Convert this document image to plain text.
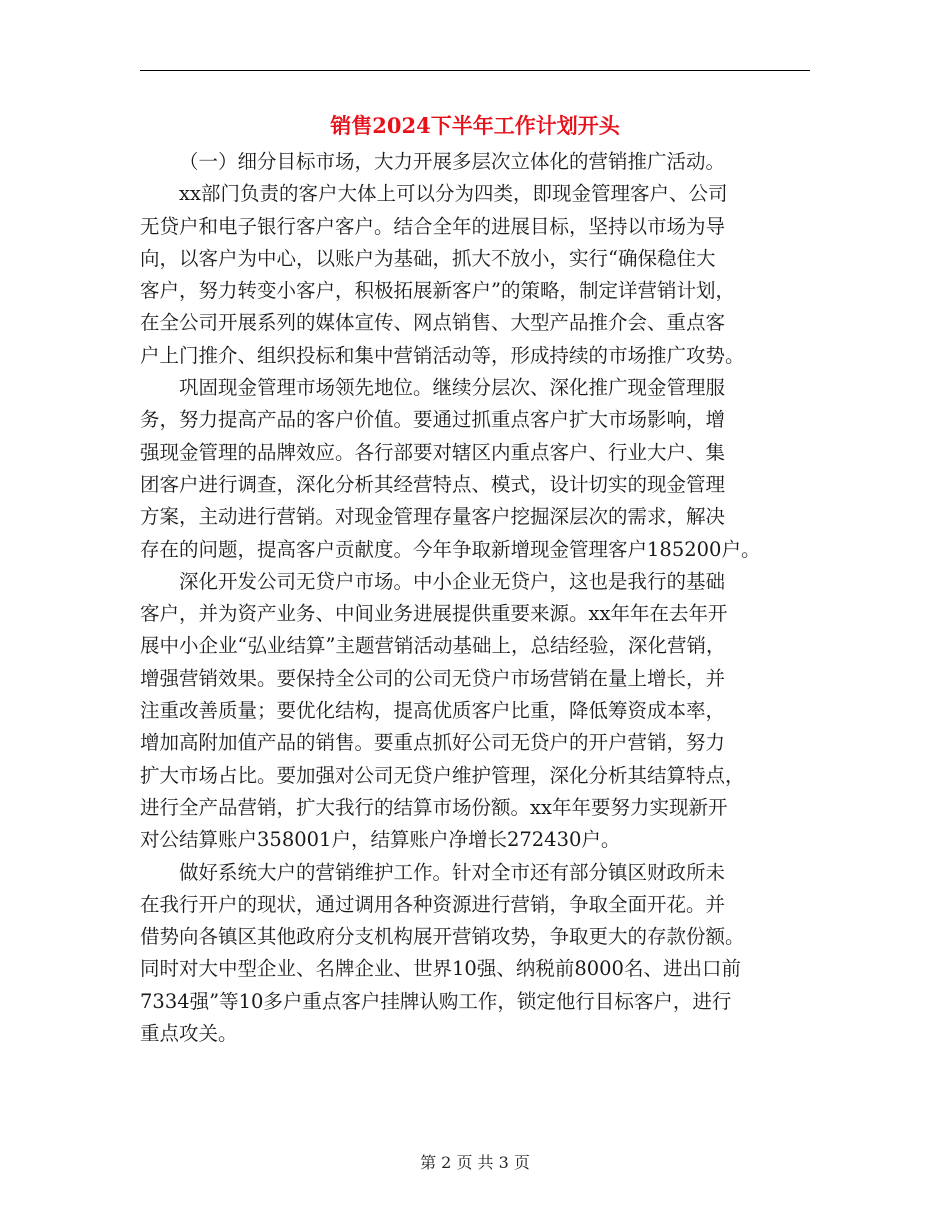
销售2024下半年工作计划开头
（一）细分目标市场，大力开展多层次立体化的营销推广活动。
xx部门负责的客户大体上可以分为四类，即现金管理客户、公司
无贷户和电子银行客户客户。结合全年的进展目标，坚持以市场为导
向，以客户为中心，以账户为基础，抓大不放小，实行“确保稳住大
客户，努力转变小客户，积极拓展新客户”的策略，制定详营销计划，
在全公司开展系列的媒体宣传、网点销售、大型产品推介会、重点客
户上门推介、组织投标和集中营销活动等，形成持续的市场推广攻势。
巩固现金管理市场领先地位。继续分层次、深化推广现金管理服
务，努力提高产品的客户价值。要通过抓重点客户扩大市场影响，增
强现金管理的品牌效应。各行部要对辖区内重点客户、行业大户、集
团客户进行调查，深化分析其经营特点、模式，设计切实的现金管理
方案，主动进行营销。对现金管理存量客户挖掘深层次的需求，解决
存在的问题，提高客户贡献度。今年争取新增现金管理客户185200户。
深化开发公司无贷户市场。中小企业无贷户，这也是我行的基础
客户，并为资产业务、中间业务进展提供重要来源。xx年年在去年开
展中小企业“弘业结算”主题营销活动基础上，总结经验，深化营销，
增强营销效果。要保持全公司的公司无贷户市场营销在量上增长，并
注重改善质量；要优化结构，提高优质客户比重，降低筹资成本率，
增加高附加值产品的销售。要重点抓好公司无贷户的开户营销，努力
扩大市场占比。要加强对公司无贷户维护管理，深化分析其结算特点，
进行全产品营销，扩大我行的结算市场份额。xx年年要努力实现新开
对公结算账户358001户，结算账户净增长272430户。
做好系统大户的营销维护工作。针对全市还有部分镇区财政所未
在我行开户的现状，通过调用各种资源进行营销，争取全面开花。并
借势向各镇区其他政府分支机构展开营销攻势，争取更大的存款份额。
同时对大中型企业、名牌企业、世界10强、纳税前8000名、进出口前
7334强”等10多户重点客户挂牌认购工作，锁定他行目标客户，进行
重点攻关。
第 2 页 共 3 页
